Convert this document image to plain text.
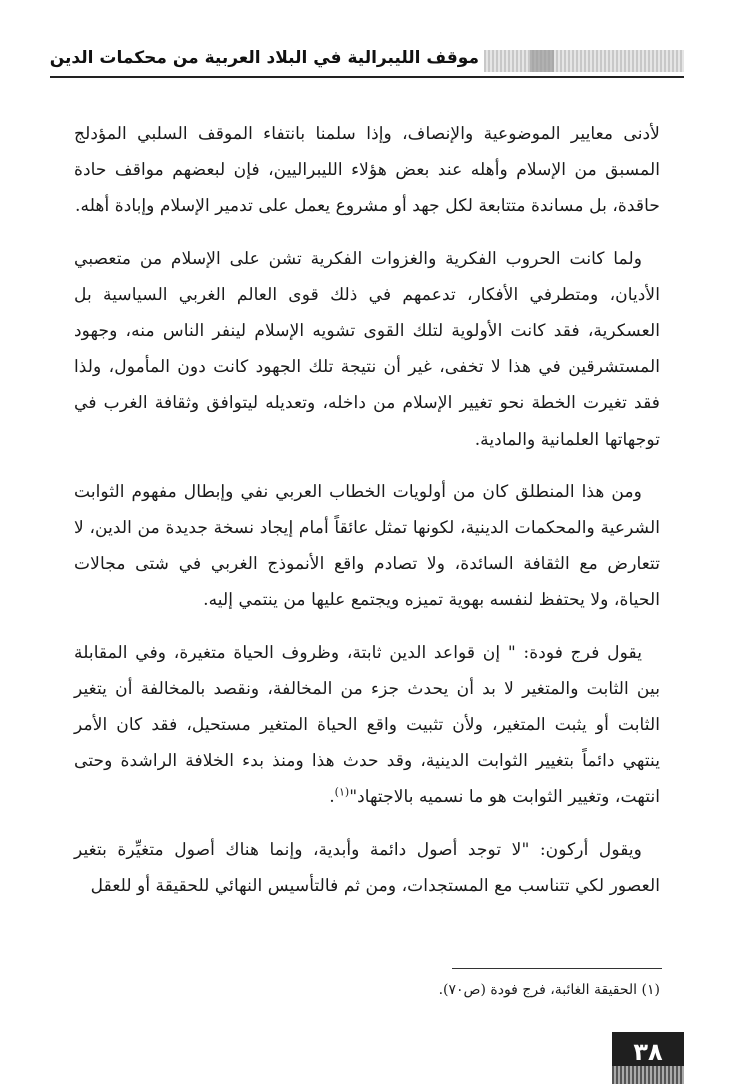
موقف الليبرالية في البلاد العربية من محكمات الدين

لأدنى معايير الموضوعية والإنصاف، وإذا سلمنا بانتفاء الموقف السلبي المؤدلج المسبق من الإسلام وأهله عند بعض هؤلاء الليبراليين، فإن لبعضهم مواقف حادة حاقدة، بل مساندة متتابعة لكل جهد أو مشروع يعمل على تدمير الإسلام وإبادة أهله.

ولما كانت الحروب الفكرية والغزوات الفكرية تشن على الإسلام من متعصبي الأديان، ومتطرفي الأفكار، تدعمهم في ذلك قوى العالم الغربي السياسية بل العسكرية، فقد كانت الأولوية لتلك القوى تشويه الإسلام لينفر الناس منه، وجهود المستشرقين في هذا لا تخفى، غير أن نتيجة تلك الجهود كانت دون المأمول، ولذا فقد تغيرت الخطة نحو تغيير الإسلام من داخله، وتعديله ليتوافق وثقافة الغرب في توجهاتها العلمانية والمادية.

ومن هذا المنطلق كان من أولويات الخطاب العربي نفي وإبطال مفهوم الثوابت الشرعية والمحكمات الدينية، لكونها تمثل عائقاً أمام إيجاد نسخة جديدة من الدين، لا تتعارض مع الثقافة السائدة، ولا تصادم واقع الأنموذج الغربي في شتى مجالات الحياة، ولا يحتفظ لنفسه بهوية تميزه ويجتمع عليها من ينتمي إليه.

يقول فرج فودة: " إن قواعد الدين ثابتة، وظروف الحياة متغيرة، وفي المقابلة بين الثابت والمتغير لا بد أن يحدث جزء من المخالفة، ونقصد بالمخالفة أن يتغير الثابت أو يثبت المتغير، ولأن تثبيت واقع الحياة المتغير مستحيل، فقد كان الأمر ينتهي دائماً بتغيير الثوابت الدينية، وقد حدث هذا ومنذ بدء الخلافة الراشدة وحتى انتهت، وتغيير الثوابت هو ما نسميه بالاجتهاد"$^{(١)}$.

ويقول أركون: "لا توجد أصول دائمة وأبدية، وإنما هناك أصول متغيِّرة بتغير العصور لكي تتناسب مع المستجدات، ومن ثم فالتأسيس النهائي للحقيقة أو للعقل

(١) الحقيقة الغائبة، فرج فودة (ص٧٠).
٣٨
